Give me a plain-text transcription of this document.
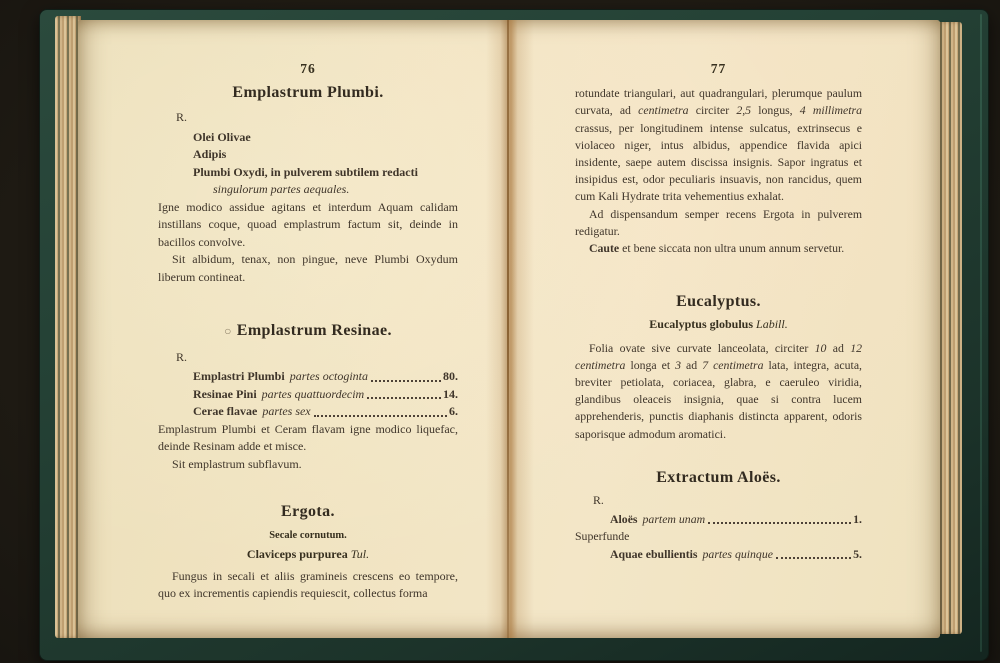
76
Emplastrum Plumbi.
R.
Olei Olivae
Adipis
Plumbi Oxydi, in pulverem subtilem redacti
singulorum partes aequales.
Igne modico assidue agitans et interdum Aquam calidam instillans coque, quoad emplastrum factum sit, deinde in bacillos convolve.
Sit albidum, tenax, non pingue, neve Plumbi Oxydum liberum contineat.
○ Emplastrum Resinae.
R.
Emplastri Plumbi partes octoginta	80.
Resinae Pini partes quattuordecim	14.
Cerae flavae partes sex	6.
Emplastrum Plumbi et Ceram flavam igne modico liquefac, deinde Resinam adde et misce.
Sit emplastrum subflavum.
Ergota.
Secale cornutum.
Claviceps purpurea Tul.
Fungus in secali et aliis gramineis crescens eo tempore, quo ex incrementis capiendis requiescit, collectus forma
77
rotundate triangulari, aut quadrangulari, plerumque paulum curvata, ad centimetra circiter 2,5 longus, 4 millimetra crassus, per longitudinem intense sulcatus, extrinsecus e violaceo niger, intus albidus, appendice flavida apici insidente, saepe autem discissa insignis. Sapor ingratus et insipidus est, odor peculiaris insuavis, non rancidus, quem cum Kali Hydrate trita vehementius exhalat.
Ad dispensandum semper recens Ergota in pulverem redigatur.
Caute et bene siccata non ultra unum annum servetur.
Eucalyptus.
Eucalyptus globulus Labill.
Folia ovate sive curvate lanceolata, circiter 10 ad 12 centimetra longa et 3 ad 7 centimetra lata, integra, acuta, breviter petiolata, coriacea, glabra, e caeruleo viridia, glandibus oleaceis insignia, quae si contra lucem apprehenderis, punctis diaphanis distincta apparent, odoris saporisque admodum aromatici.
Extractum Aloës.
R.
Aloës partem unam	1.
Superfunde
Aquae ebullientis partes quinque	5.
